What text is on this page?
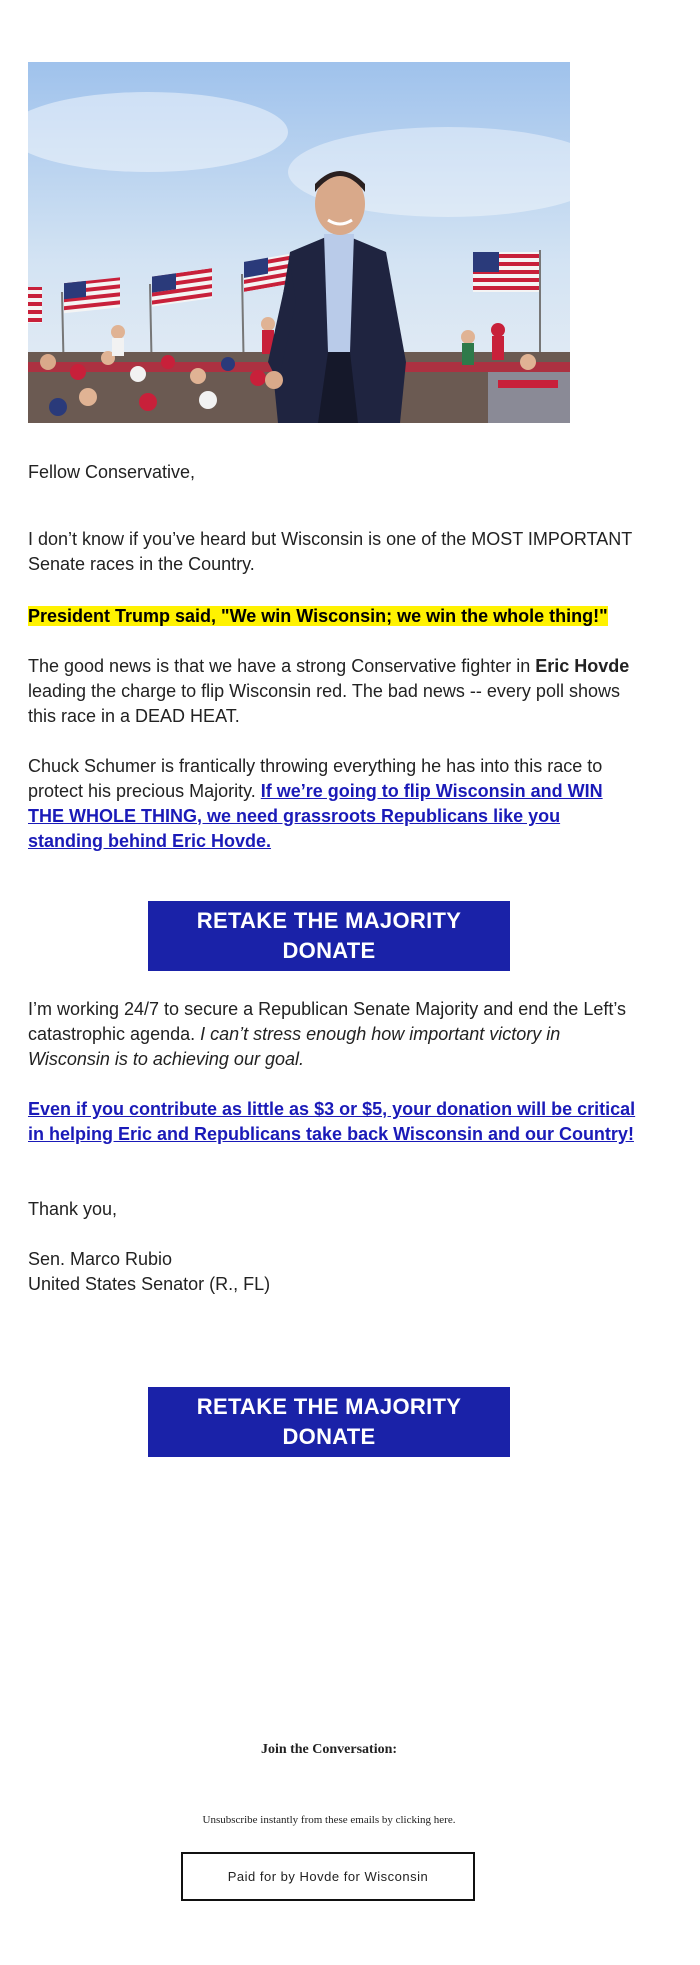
Fellow Conservative,
I don’t know if you’ve heard but Wisconsin is one of the MOST IMPORTANT Senate races in the Country.
President Trump said, "We win Wisconsin; we win the whole thing!"
The good news is that we have a strong Conservative fighter in Eric Hovde leading the charge to flip Wisconsin red. The bad news -- every poll shows this race in a DEAD HEAT.
Chuck Schumer is frantically throwing everything he has into this race to protect his precious Majority. If we’re going to flip Wisconsin and WIN THE WHOLE THING, we need grassroots Republicans like you standing behind Eric Hovde.
RETAKE THE MAJORITY
DONATE
I’m working 24/7 to secure a Republican Senate Majority and end the Left’s catastrophic agenda. I can’t stress enough how important victory in Wisconsin is to achieving our goal.
Even if you contribute as little as $3 or $5, your donation will be critical in helping Eric and Republicans take back Wisconsin and our Country!
Thank you,
Sen. Marco Rubio
United States Senator (R., FL)
RETAKE THE MAJORITY
DONATE
Join the Conversation:
Unsubscribe instantly from these emails by clicking here.
Paid for by Hovde for Wisconsin
